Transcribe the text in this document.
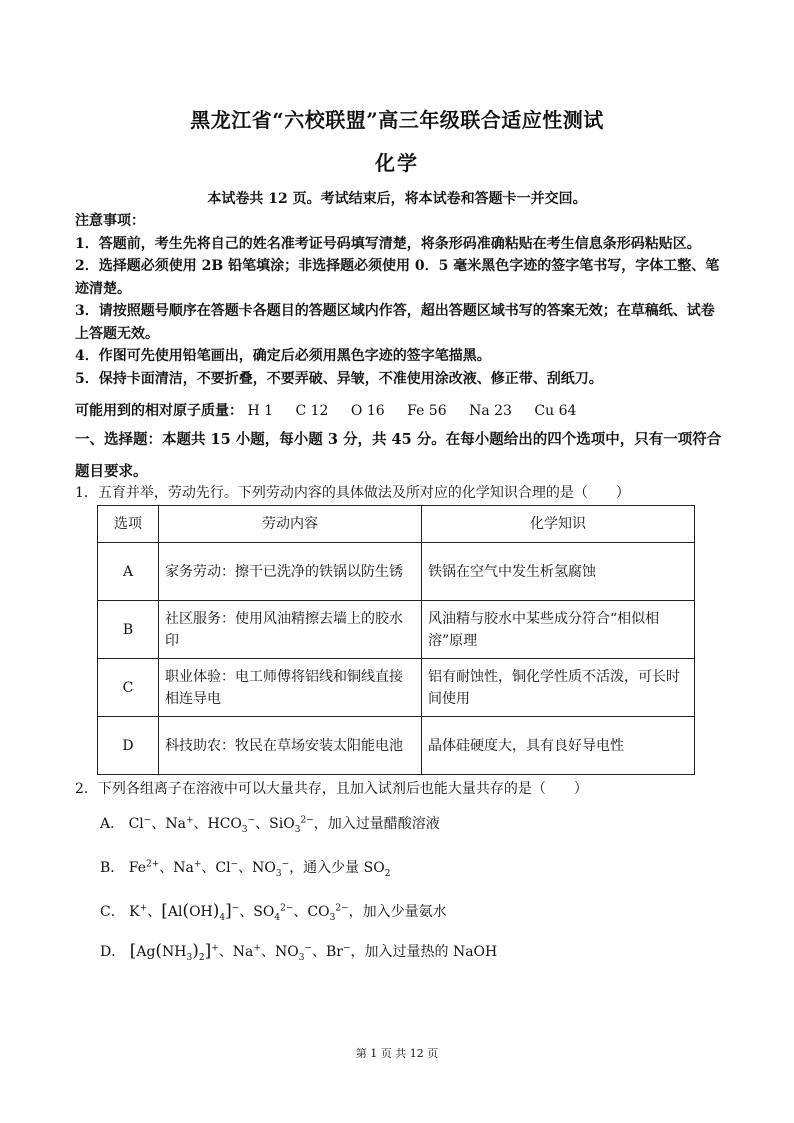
黑龙江省“六校联盟”高三年级联合适应性测试
化学
本试卷共 12 页。考试结束后，将本试卷和答题卡一并交回。
注意事项：
1．答题前，考生先将自己的姓名准考证号码填写清楚，将条形码准确粘贴在考生信息条形码粘贴区。
2．选择题必须使用 2B 铅笔填涂；非选择题必须使用 0．5 毫米黑色字迹的签字笔书写，字体工整、笔迹清楚。
3．请按照题号顺序在答题卡各题目的答题区域内作答，超出答题区域书写的答案无效；在草稿纸、试卷上答题无效。
4．作图可先使用铅笔画出，确定后必须用黑色字迹的签字笔描黑。
5．保持卡面清洁，不要折叠，不要弄破、异皱，不准使用涂改液、修正带、刮纸刀。
可能用到的相对原子质量： H 1 C 12 O 16 Fe 56 Na 23 Cu 64
一、选择题：本题共 15 小题，每小题 3 分，共 45 分。在每小题给出的四个选项中，只有一项符合题目要求。
1．五育并举，劳动先行。下列劳动内容的具体做法及所对应的化学知识合理的是（　　）
选项	劳动内容	化学知识
A	家务劳动：擦干已洗净的铁锅以防生锈	铁锅在空气中发生析氢腐蚀
B	社区服务：使用风油精擦去墙上的胶水印	风油精与胶水中某些成分符合“相似相溶”原理
C	职业体验：电工师傅将铝线和铜线直接相连导电	铝有耐蚀性，铜化学性质不活泼，可长时间使用
D	科技助农：牧民在草场安装太阳能电池	晶体硅硬度大，具有良好导电性
2．下列各组离子在溶液中可以大量共存，且加入试剂后也能大量共存的是（　　）
A． Cl−、Na+、$HCO_3^-$、SiO$_3^{2-}$，加入过量醋酸溶液
B． $Fe^{2+}$、Na+、Cl−、$NO_3^-$，通入少量 $SO_2$
C． K+、$[Al(OH)_4]^-$、$SO_4^{2-}$、$CO_3^{2-}$，加入少量氨水
D． $[Ag(NH_3)_2]^+$、Na+、$NO_3^-$、Br−，加入过量热的 NaOH
第 1 页 共 12 页
